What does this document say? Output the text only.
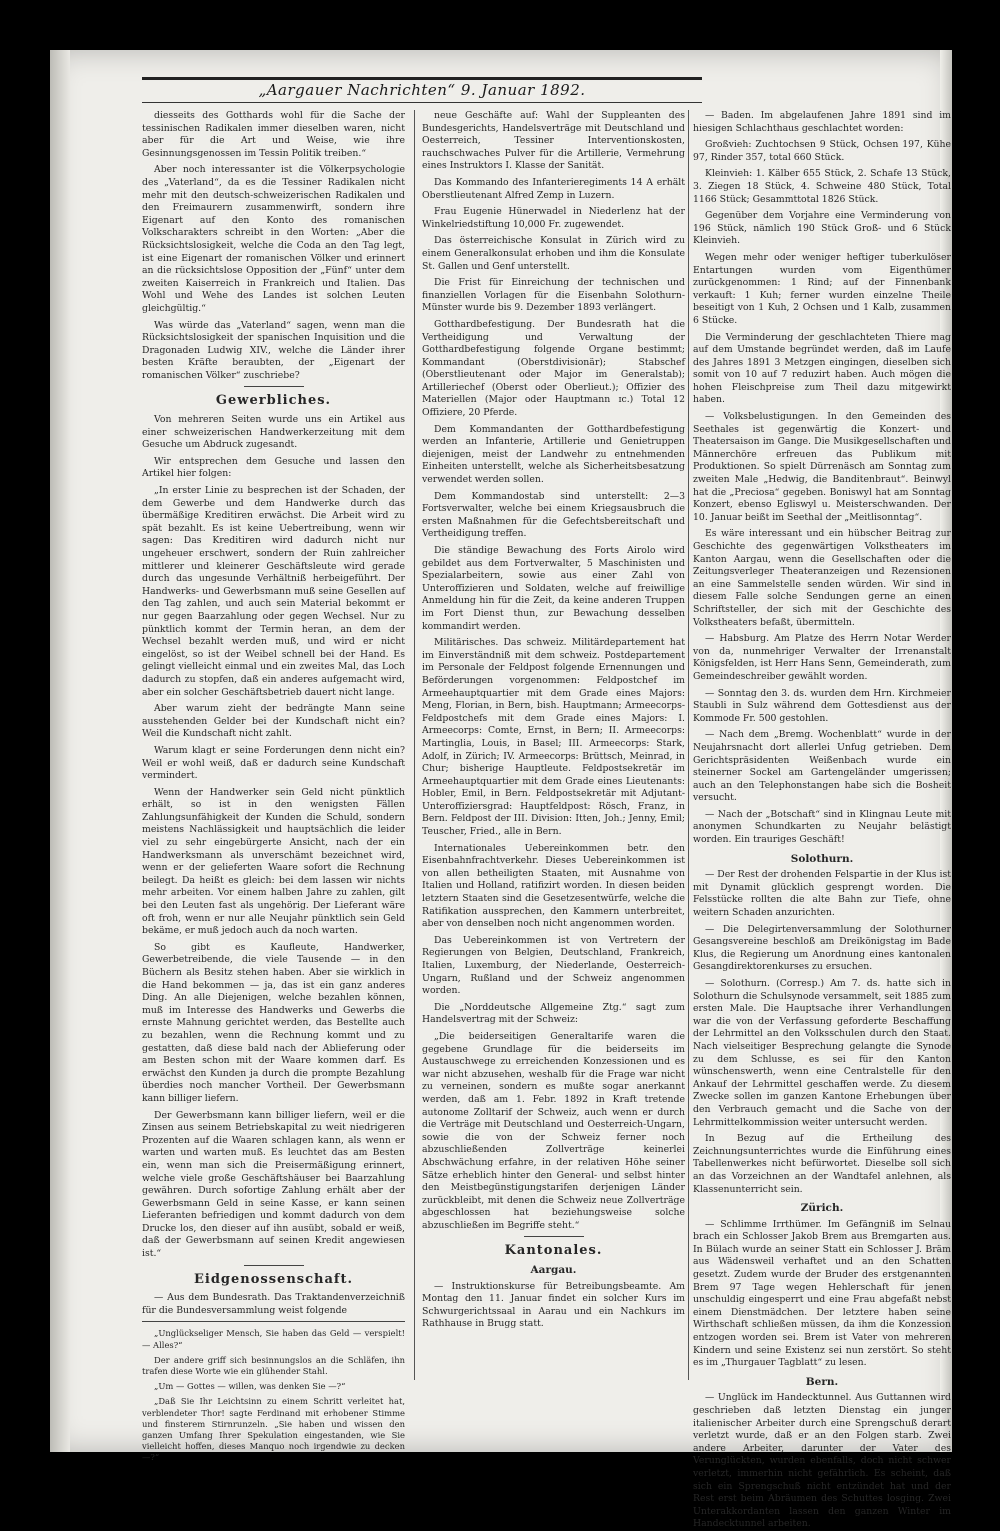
„Aargauer Nachrichten“ 9. Januar 1892.

diesseits des Gotthards wohl für die Sache der tessinischen Radikalen immer dieselben waren, nicht aber für die Art und Weise, wie ihre Gesinnungsgenossen im Tessin Politik treiben.“

Aber noch interessanter ist die Völkerpsychologie des „Vaterland“, da es die Tessiner Radikalen nicht mehr mit den deutsch-schweizerischen Radikalen und den Freimaurern zusammenwirft, sondern ihre Eigenart auf den Konto des romanischen Volkscharakters schreibt in den Worten: „Aber die Rücksichtslosigkeit, welche die Coda an den Tag legt, ist eine Eigenart der romanischen Völker und erinnert an die rücksichtslose Opposition der „Fünf“ unter dem zweiten Kaiserreich in Frankreich und Italien. Das Wohl und Wehe des Landes ist solchen Leuten gleichgültig.“

Was würde das „Vaterland“ sagen, wenn man die Rücksichtslosigkeit der spanischen Inquisition und die Dragonaden Ludwig XIV., welche die Länder ihrer besten Kräfte beraubten, der „Eigenart der romanischen Völker“ zuschriebe?

Gewerbliches.

Von mehreren Seiten wurde uns ein Artikel aus einer schweizerischen Handwerkerzeitung mit dem Gesuche um Abdruck zugesandt.

Wir entsprechen dem Gesuche und lassen den Artikel hier folgen:

„In erster Linie zu besprechen ist der Schaden, der dem Gewerbe und dem Handwerke durch das übermäßige Kreditiren erwächst. Die Arbeit wird zu spät bezahlt. Es ist keine Uebertreibung, wenn wir sagen: Das Kreditiren wird dadurch nicht nur ungeheuer erschwert, sondern der Ruin zahlreicher mittlerer und kleinerer Geschäftsleute wird gerade durch das ungesunde Verhältniß herbeigeführt. Der Handwerks- und Gewerbsmann muß seine Gesellen auf den Tag zahlen, und auch sein Material bekommt er nur gegen Baarzahlung oder gegen Wechsel. Nur zu pünktlich kommt der Termin heran, an dem der Wechsel bezahlt werden muß, und wird er nicht eingelöst, so ist der Weibel schnell bei der Hand. Es gelingt vielleicht einmal und ein zweites Mal, das Loch dadurch zu stopfen, daß ein anderes aufgemacht wird, aber ein solcher Geschäftsbetrieb dauert nicht lange.

Aber warum zieht der bedrängte Mann seine ausstehenden Gelder bei der Kundschaft nicht ein? Weil die Kundschaft nicht zahlt.

Warum klagt er seine Forderungen denn nicht ein? Weil er wohl weiß, daß er dadurch seine Kundschaft vermindert.

Wenn der Handwerker sein Geld nicht pünktlich erhält, so ist in den wenigsten Fällen Zahlungsunfähigkeit der Kunden die Schuld, sondern meistens Nachlässigkeit und hauptsächlich die leider viel zu sehr eingebürgerte Ansicht, nach der ein Handwerksmann als unverschämt bezeichnet wird, wenn er der gelieferten Waare sofort die Rechnung beilegt. Da heißt es gleich: bei dem lassen wir nichts mehr arbeiten. Vor einem halben Jahre zu zahlen, gilt bei den Leuten fast als ungehörig. Der Lieferant wäre oft froh, wenn er nur alle Neujahr pünktlich sein Geld bekäme, er muß jedoch auch da noch warten.

So gibt es Kaufleute, Handwerker, Gewerbetreibende, die viele Tausende — in den Büchern als Besitz stehen haben. Aber sie wirklich in die Hand bekommen — ja, das ist ein ganz anderes Ding. An alle Diejenigen, welche bezahlen können, muß im Interesse des Handwerks und Gewerbs die ernste Mahnung gerichtet werden, das Bestellte auch zu bezahlen, wenn die Rechnung kommt und zu gestatten, daß diese bald nach der Ablieferung oder am Besten schon mit der Waare kommen darf. Es erwächst den Kunden ja durch die prompte Bezahlung überdies noch mancher Vortheil. Der Gewerbsmann kann billiger liefern.

Der Gewerbsmann kann billiger liefern, weil er die Zinsen aus seinem Betriebskapital zu weit niedrigeren Prozenten auf die Waaren schlagen kann, als wenn er warten und warten muß. Es leuchtet das am Besten ein, wenn man sich die Preisermäßigung erinnert, welche viele große Geschäftshäuser bei Baarzahlung gewähren. Durch sofortige Zahlung erhält aber der Gewerbsmann Geld in seine Kasse, er kann seinen Lieferanten befriedigen und kommt dadurch von dem Drucke los, den dieser auf ihn ausübt, sobald er weiß, daß der Gewerbsmann auf seinen Kredit angewiesen ist.“

Eidgenossenschaft.

— Aus dem Bundesrath. Das Traktandenverzeichniß für die Bundesversammlung weist folgende

„Unglückseliger Mensch, Sie haben das Geld — verspielt! — Alles?“

Der andere griff sich besinnungslos an die Schläfen, ihn trafen diese Worte wie ein glühender Stahl.

„Um — Gottes — willen, was denken Sie —?“

„Daß Sie Ihr Leichtsinn zu einem Schritt verleitet hat, verblendeter Thor! sagte Ferdinand mit erhobener Stimme und finsterem Stirnrunzeln. „Sie haben und wissen den ganzen Umfang Ihrer Spekulation eingestanden, wie Sie vielleicht hoffen, dieses Manquo noch irgendwie zu decken —?“

neue Geschäfte auf: Wahl der Suppleanten des Bundesgerichts, Handelsverträge mit Deutschland und Oesterreich, Tessiner Interventionskosten, rauchschwaches Pulver für die Artillerie, Vermehrung eines Instruktors I. Klasse der Sanität.

Das Kommando des Infanterieregiments 14 A erhält Oberstlieutenant Alfred Zemp in Luzern.

Frau Eugenie Hünerwadel in Niederlenz hat der Winkelriedstiftung 10,000 Fr. zugewendet.

Das österreichische Konsulat in Zürich wird zu einem Generalkonsulat erhoben und ihm die Konsulate St. Gallen und Genf unterstellt.

Die Frist für Einreichung der technischen und finanziellen Vorlagen für die Eisenbahn Solothurn-Münster wurde bis 9. Dezember 1893 verlängert.

Gotthardbefestigung. Der Bundesrath hat die Vertheidigung und Verwaltung der Gotthardbefestigung folgende Organe bestimmt; Kommandant (Oberstdivisionär); Stabschef (Oberstlieutenant oder Major im Generalstab); Artilleriechef (Oberst oder Oberlieut.); Offizier des Materiellen (Major oder Hauptmann ɪc.) Total 12 Offiziere, 20 Pferde.

Dem Kommandanten der Gotthardbefestigung werden an Infanterie, Artillerie und Genietruppen diejenigen, meist der Landwehr zu entnehmenden Einheiten unterstellt, welche als Sicherheitsbesatzung verwendet werden sollen.

Dem Kommandostab sind unterstellt: 2—3 Fortsverwalter, welche bei einem Kriegsausbruch die ersten Maßnahmen für die Gefechtsbereitschaft und Vertheidigung treffen.

Die ständige Bewachung des Forts Airolo wird gebildet aus dem Fortverwalter, 5 Maschinisten und Spezialarbeitern, sowie aus einer Zahl von Unteroffizieren und Soldaten, welche auf freiwillige Anmeldung hin für die Zeit, da keine anderen Truppen im Fort Dienst thun, zur Bewachung desselben kommandirt werden.

Militärisches. Das schweiz. Militärdepartement hat im Einverständniß mit dem schweiz. Postdepartement im Personale der Feldpost folgende Ernennungen und Beförderungen vorgenommen: Feldpostchef im Armeehauptquartier mit dem Grade eines Majors: Meng, Florian, in Bern, bish. Hauptmann; Armeecorps-Feldpostchefs mit dem Grade eines Majors: I. Armeecorps: Comte, Ernst, in Bern; II. Armeecorps: Martinglia, Louis, in Basel; III. Armeecorps: Stark, Adolf, in Zürich; IV. Armeecorps: Brüttsch, Meinrad, in Chur; bisherige Hauptleute. Feldpostsekretär im Armeehauptquartier mit dem Grade eines Lieutenants: Hobler, Emil, in Bern. Feldpostsekretär mit Adjutant-Unteroffiziersgrad: Hauptfeldpost: Rösch, Franz, in Bern. Feldpost der III. Division: Itten, Joh.; Jenny, Emil; Teuscher, Fried., alle in Bern.

Internationales Uebereinkommen betr. den Eisenbahnfrachtverkehr. Dieses Uebereinkommen ist von allen betheiligten Staaten, mit Ausnahme von Italien und Holland, ratifizirt worden. In diesen beiden letztern Staaten sind die Gesetzesentwürfe, welche die Ratifikation aussprechen, den Kammern unterbreitet, aber von denselben noch nicht angenommen worden.

Das Uebereinkommen ist von Vertretern der Regierungen von Belgien, Deutschland, Frankreich, Italien, Luxemburg, der Niederlande, Oesterreich-Ungarn, Rußland und der Schweiz angenommen worden.

Die „Norddeutsche Allgemeine Ztg.“ sagt zum Handelsvertrag mit der Schweiz:

„Die beiderseitigen Generaltarife waren die gegebene Grundlage für die beiderseits im Austauschwege zu erreichenden Konzessionen und es war nicht abzusehen, weshalb für die Frage war nicht zu verneinen, sondern es mußte sogar anerkannt werden, daß am 1. Febr. 1892 in Kraft tretende autonome Zolltarif der Schweiz, auch wenn er durch die Verträge mit Deutschland und Oesterreich-Ungarn, sowie die von der Schweiz ferner noch abzuschließenden Zollverträge keinerlei Abschwächung erfahre, in der relativen Höhe seiner Sätze erheblich hinter den General- und selbst hinter den Meistbegünstigungstarifen derjenigen Länder zurückbleibt, mit denen die Schweiz neue Zollverträge abgeschlossen hat beziehungsweise solche abzuschließen im Begriffe steht.“

Kantonales.
Aargau.

— Instruktionskurse für Betreibungsbeamte. Am Montag den 11. Januar findet ein solcher Kurs im Schwurgerichtssaal in Aarau und ein Nachkurs im Rathhause in Brugg statt.

— Baden. Im abgelaufenen Jahre 1891 sind im hiesigen Schlachthaus geschlachtet worden:

Großvieh: Zuchtochsen 9 Stück, Ochsen 197, Kühe 97, Rinder 357, total 660 Stück.

Kleinvieh: 1. Kälber 655 Stück, 2. Schafe 13 Stück, 3. Ziegen 18 Stück, 4. Schweine 480 Stück, Total 1166 Stück; Gesammttotal 1826 Stück.

Gegenüber dem Vorjahre eine Verminderung von 196 Stück, nämlich 190 Stück Groß- und 6 Stück Kleinvieh.

Wegen mehr oder weniger heftiger tuberkulöser Entartungen wurden vom Eigenthümer zurückgenommen: 1 Rind; auf der Finnenbank verkauft: 1 Kuh; ferner wurden einzelne Theile beseitigt von 1 Kuh, 2 Ochsen und 1 Kalb, zusammen 6 Stücke.

Die Verminderung der geschlachteten Thiere mag auf dem Umstande begründet werden, daß im Laufe des Jahres 1891 3 Metzgen eingingen, dieselben sich somit von 10 auf 7 reduzirt haben. Auch mögen die hohen Fleischpreise zum Theil dazu mitgewirkt haben.

— Volksbelustigungen. In den Gemeinden des Seethales ist gegenwärtig die Konzert- und Theatersaison im Gange. Die Musikgesellschaften und Männerchöre erfreuen das Publikum mit Produktionen. So spielt Dürrenäsch am Sonntag zum zweiten Male „Hedwig, die Banditenbraut“. Beinwyl hat die „Preciosa“ gegeben. Boniswyl hat am Sonntag Konzert, ebenso Egliswyl u. Meisterschwanden. Der 10. Januar beißt im Seethal der „Meitlisonntag“.

Es wäre interessant und ein hübscher Beitrag zur Geschichte des gegenwärtigen Volkstheaters im Kanton Aargau, wenn die Gesellschaften oder die Zeitungsverleger Theateranzeigen und Rezensionen an eine Sammelstelle senden würden. Wir sind in diesem Falle solche Sendungen gerne an einen Schriftsteller, der sich mit der Geschichte des Volkstheaters befaßt, übermitteln.

— Habsburg. Am Platze des Herrn Notar Werder von da, nunmehriger Verwalter der Irrenanstalt Königsfelden, ist Herr Hans Senn, Gemeinderath, zum Gemeindeschreiber gewählt worden.

— Sonntag den 3. ds. wurden dem Hrn. Kirchmeier Staubli in Sulz während dem Gottesdienst aus der Kommode Fr. 500 gestohlen.

— Nach dem „Bremg. Wochenblatt“ wurde in der Neujahrsnacht dort allerlei Unfug getrieben. Dem Gerichtspräsidenten Weißenbach wurde ein steinerner Sockel am Gartengeländer umgerissen; auch an den Telephonstangen habe sich die Bosheit versucht.

— Nach der „Botschaft“ sind in Klingnau Leute mit anonymen Schundkarten zu Neujahr belästigt worden. Ein trauriges Geschäft!

Solothurn.

— Der Rest der drohenden Felspartie in der Klus ist mit Dynamit glücklich gesprengt worden. Die Felsstücke rollten die alte Bahn zur Tiefe, ohne weitern Schaden anzurichten.

— Die Delegirtenversammlung der Solothurner Gesangsvereine beschloß am Dreikönigstag im Bade Klus, die Regierung um Anordnung eines kantonalen Gesangdirektorenkurses zu ersuchen.

— Solothurn. (Corresp.) Am 7. ds. hatte sich in Solothurn die Schulsynode versammelt, seit 1885 zum ersten Male. Die Hauptsache ihrer Verhandlungen war die von der Verfassung geforderte Beschaffung der Lehrmittel an den Volksschulen durch den Staat. Nach vielseitiger Besprechung gelangte die Synode zu dem Schlusse, es sei für den Kanton wünschenswerth, wenn eine Centralstelle für den Ankauf der Lehrmittel geschaffen werde. Zu diesem Zwecke sollen im ganzen Kantone Erhebungen über den Verbrauch gemacht und die Sache von der Lehrmittelkommission weiter untersucht werden.

In Bezug auf die Ertheilung des Zeichnungsunterrichtes wurde die Einführung eines Tabellenwerkes nicht befürwortet. Dieselbe soll sich an das Vorzeichnen an der Wandtafel anlehnen, als Klassenunterricht sein.

Zürich.

— Schlimme Irrthümer. Im Gefängniß im Selnau brach ein Schlosser Jakob Brem aus Bremgarten aus. In Bülach wurde an seiner Statt ein Schlosser J. Bräm aus Wädensweil verhaftet und an den Schatten gesetzt. Zudem wurde der Bruder des erstgenannten Brem 97 Tage wegen Hehlerschaft für jenen unschuldig eingesperrt und eine Frau abgefaßt nebst einem Dienstmädchen. Der letztere haben seine Wirthschaft schließen müssen, da ihm die Konzession entzogen worden sei. Brem ist Vater von mehreren Kindern und seine Existenz sei nun zerstört. So steht es im „Thurgauer Tagblatt“ zu lesen.

Bern.

— Unglück im Handecktunnel. Aus Guttannen wird geschrieben daß letzten Dienstag ein junger italienischer Arbeiter durch eine Sprengschuß derart verletzt wurde, daß er an den Folgen starb. Zwei andere Arbeiter, darunter der Vater des Verunglückten, wurden ebenfalls, doch nicht schwer verletzt, immerhin nicht gefährlich. Es scheint, daß sich ein Sprengschuß nicht entzündet hat und der Rest erst beim Abräumen des Schuttes losging. Zwei Unterakkordanten lassen den ganzen Winter im Handecktunnel arbeiten.
